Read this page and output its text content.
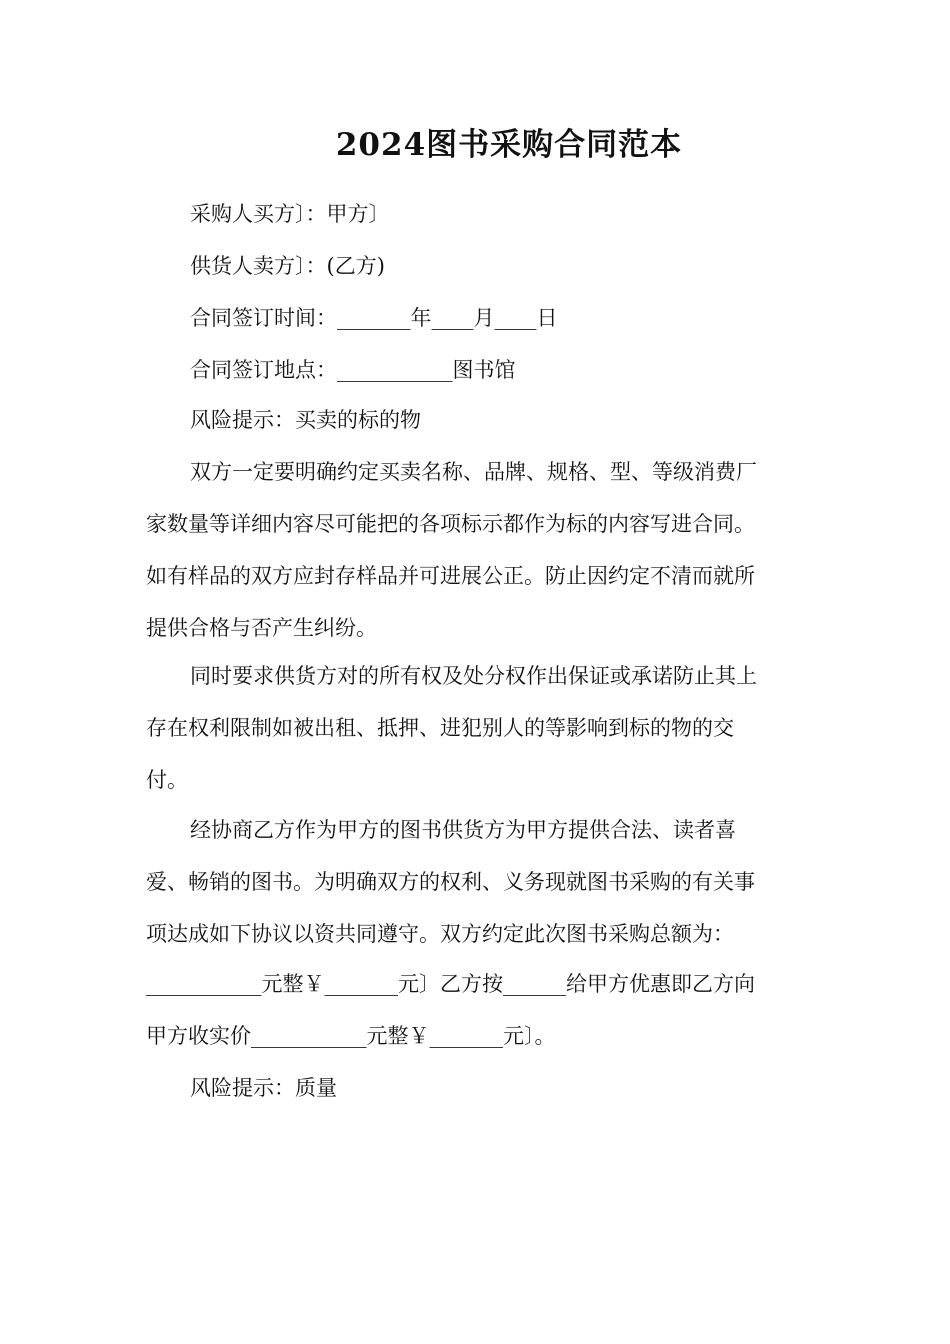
2024图书采购合同范本
采购人买方〕：甲方〕
供货人卖方〕：(乙方)
合同签订时间：_______年____月____日
合同签订地点：___________图书馆
风险提示：买卖的标的物
双方一定要明确约定买卖名称、品牌、规格、型、等级消费厂
家数量等详细内容尽可能把的各项标示都作为标的内容写进合同。
如有样品的双方应封存样品并可进展公正。防止因约定不清而就所
提供合格与否产生纠纷。
同时要求供货方对的所有权及处分权作出保证或承诺防止其上
存在权利限制如被出租、抵押、进犯别人的等影响到标的物的交
付。
经协商乙方作为甲方的图书供货方为甲方提供合法、读者喜
爱、畅销的图书。为明确双方的权利、义务现就图书采购的有关事
项达成如下协议以资共同遵守。双方约定此次图书采购总额为：
___________元整￥_______元〕乙方按______给甲方优惠即乙方向
甲方收实价___________元整￥_______元〕。
风险提示：质量
